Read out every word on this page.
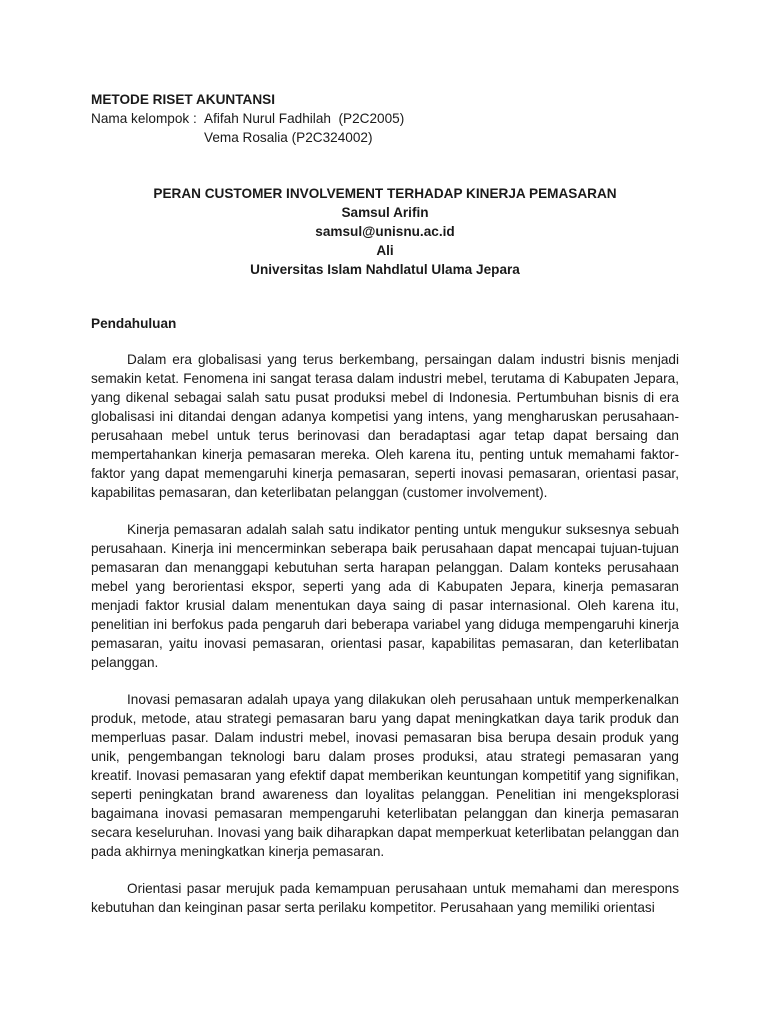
METODE RISET AKUNTANSI
Nama kelompok : Afifah Nurul Fadhilah  (P2C2005)
Vema Rosalia (P2C324002)
PERAN CUSTOMER INVOLVEMENT TERHADAP KINERJA PEMASARAN
Samsul Arifin
samsul@unisnu.ac.id
Ali
Universitas Islam Nahdlatul Ulama Jepara
Pendahuluan

Dalam era globalisasi yang terus berkembang, persaingan dalam industri bisnis menjadi semakin ketat. Fenomena ini sangat terasa dalam industri mebel, terutama di Kabupaten Jepara, yang dikenal sebagai salah satu pusat produksi mebel di Indonesia. Pertumbuhan bisnis di era globalisasi ini ditandai dengan adanya kompetisi yang intens, yang mengharuskan perusahaan-perusahaan mebel untuk terus berinovasi dan beradaptasi agar tetap dapat bersaing dan mempertahankan kinerja pemasaran mereka. Oleh karena itu, penting untuk memahami faktor-faktor yang dapat memengaruhi kinerja pemasaran, seperti inovasi pemasaran, orientasi pasar, kapabilitas pemasaran, dan keterlibatan pelanggan (customer involvement).

Kinerja pemasaran adalah salah satu indikator penting untuk mengukur suksesnya sebuah perusahaan. Kinerja ini mencerminkan seberapa baik perusahaan dapat mencapai tujuan-tujuan pemasaran dan menanggapi kebutuhan serta harapan pelanggan. Dalam konteks perusahaan mebel yang berorientasi ekspor, seperti yang ada di Kabupaten Jepara, kinerja pemasaran menjadi faktor krusial dalam menentukan daya saing di pasar internasional. Oleh karena itu, penelitian ini berfokus pada pengaruh dari beberapa variabel yang diduga mempengaruhi kinerja pemasaran, yaitu inovasi pemasaran, orientasi pasar, kapabilitas pemasaran, dan keterlibatan pelanggan.

Inovasi pemasaran adalah upaya yang dilakukan oleh perusahaan untuk memperkenalkan produk, metode, atau strategi pemasaran baru yang dapat meningkatkan daya tarik produk dan memperluas pasar. Dalam industri mebel, inovasi pemasaran bisa berupa desain produk yang unik, pengembangan teknologi baru dalam proses produksi, atau strategi pemasaran yang kreatif. Inovasi pemasaran yang efektif dapat memberikan keuntungan kompetitif yang signifikan, seperti peningkatan brand awareness dan loyalitas pelanggan. Penelitian ini mengeksplorasi bagaimana inovasi pemasaran mempengaruhi keterlibatan pelanggan dan kinerja pemasaran secara keseluruhan. Inovasi yang baik diharapkan dapat memperkuat keterlibatan pelanggan dan pada akhirnya meningkatkan kinerja pemasaran.

Orientasi pasar merujuk pada kemampuan perusahaan untuk memahami dan merespons kebutuhan dan keinginan pasar serta perilaku kompetitor. Perusahaan yang memiliki orientasi
